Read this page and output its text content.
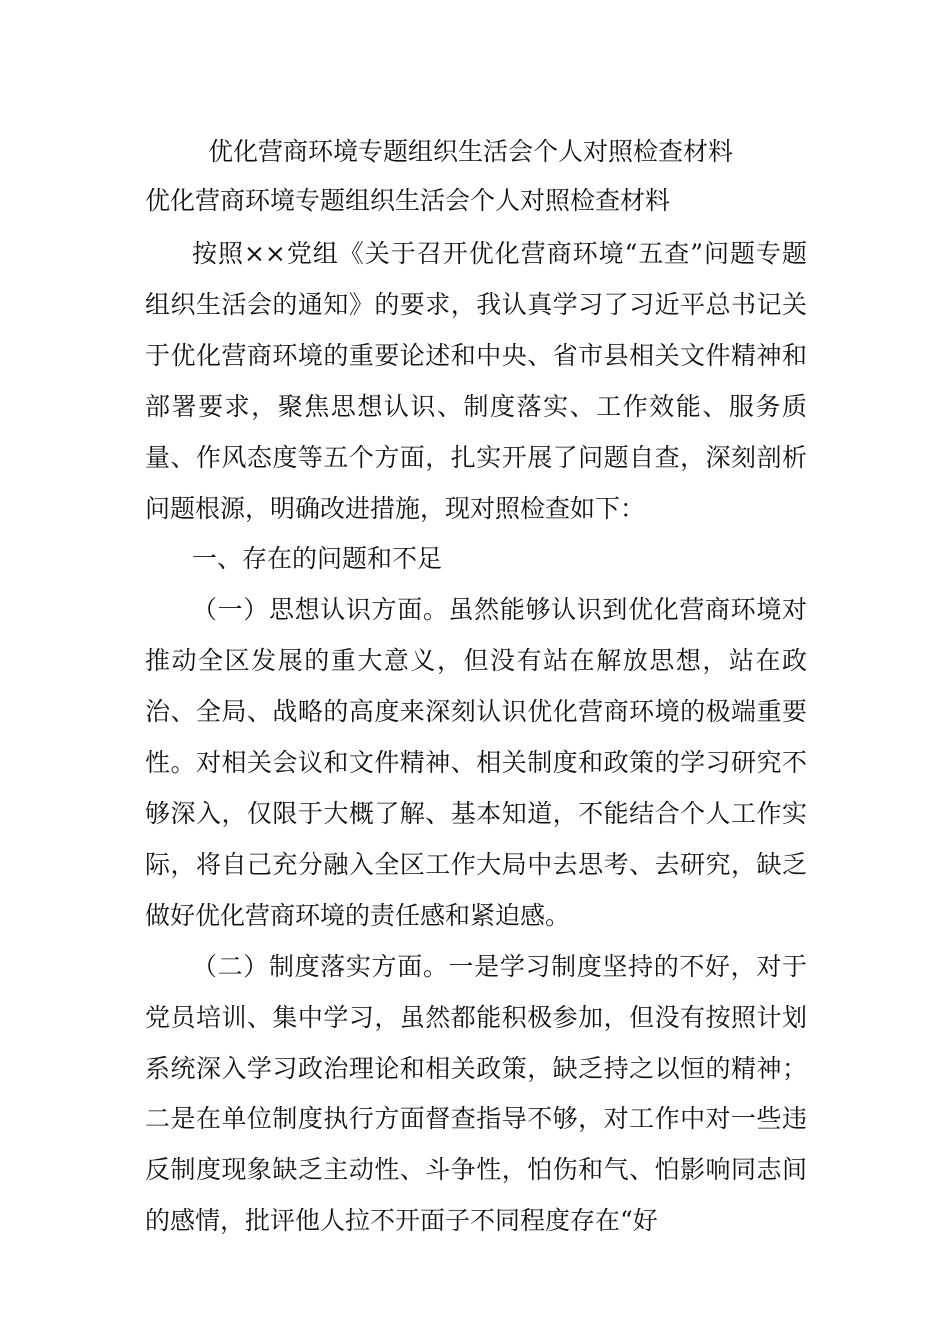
优化营商环境专题组织生活会个人对照检查材料
优化营商环境专题组织生活会个人对照检查材料

按照××党组《关于召开优化营商环境“五查”问题专题组织生活会的通知》的要求，我认真学习了习近平总书记关于优化营商环境的重要论述和中央、省市县相关文件精神和部署要求，聚焦思想认识、制度落实、工作效能、服务质量、作风态度等五个方面，扎实开展了问题自查，深刻剖析问题根源，明确改进措施，现对照检查如下：

一、存在的问题和不足

（一）思想认识方面。虽然能够认识到优化营商环境对推动全区发展的重大意义，但没有站在解放思想，站在政治、全局、战略的高度来深刻认识优化营商环境的极端重要性。对相关会议和文件精神、相关制度和政策的学习研究不够深入，仅限于大概了解、基本知道，不能结合个人工作实际，将自己充分融入全区工作大局中去思考、去研究，缺乏做好优化营商环境的责任感和紧迫感。

（二）制度落实方面。一是学习制度坚持的不好，对于党员培训、集中学习，虽然都能积极参加，但没有按照计划系统深入学习政治理论和相关政策，缺乏持之以恒的精神；二是在单位制度执行方面督查指导不够，对工作中对一些违反制度现象缺乏主动性、斗争性，怕伤和气、怕影响同志间的感情，批评他人拉不开面子不同程度存在“好
